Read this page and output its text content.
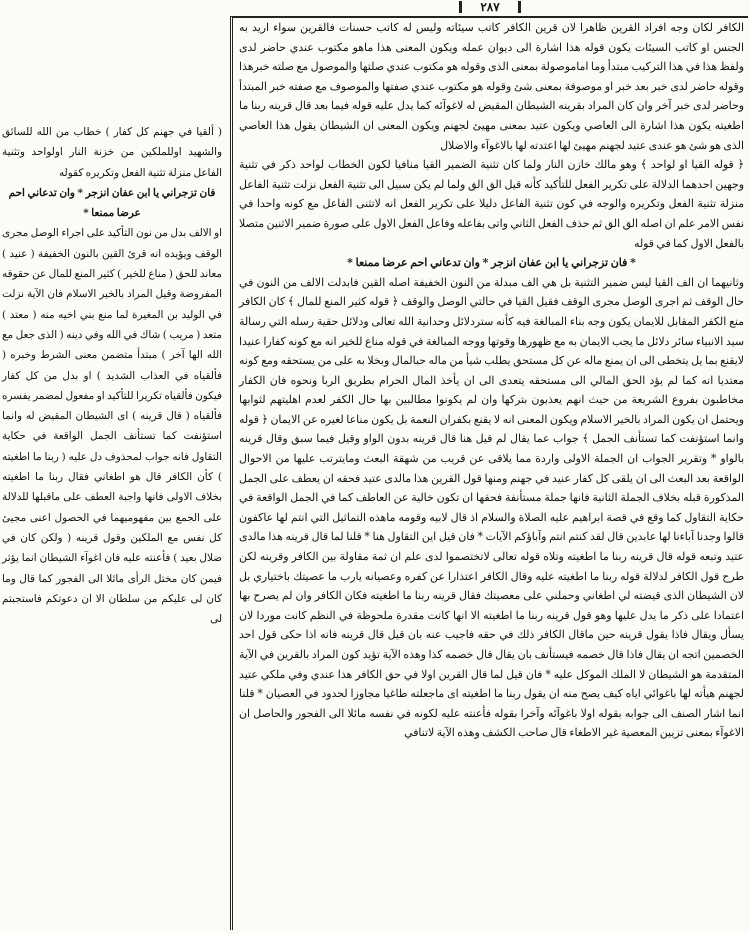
٢٨٧

الكافر لكان وجه افراد القرين ظاهرا لان قرين الكافر كاتب سيئاته وليس له كاتب حسنات فالقرين سواء اريد به الجنس او كاتب السيئات يكون قوله هذا اشارة الى ديوان عمله ويكون المعنى هذا ماهو مكتوب عندي حاضر لدى ولفظ هذا في هذا التركيب مبتدأ وما اماموصولة بمعنى الذى وقوله هو مكتوب عندي صلتها والموصول مع صلته خبرهذا وقوله حاضر لدى خبر بعد خبر او موصوفة بمعنى شئ وقوله هو مكتوب عندي صفتها والموصوف مع صفته خبر المبتدأ وحاضر لدى خبر آخر وان كان المراد بقرينه الشيطان المقيض له لاغوآئه كما يدل عليه قوله فيما بعد قال قرينه ربنا ما اطغيته يكون هذا اشارة الى العاصي ويكون عتيد بمعنى مهيئ لجهنم ويكون المعنى ان الشيطان يقول هذا العاصي الذى هو شئ هو عندى عتيد لجهنم مهيئ لها اعتدته لها بالاغوآء والاضلال

﴿ قوله القيا او لواحد ﴾ وهو مالك خازن النار ولما كان تثنية الضمير القيا منافيا لكون الخطاب لواحد ذكر في تثنية وجهين احدهما الدلالة على تكرير الفعل للتأكيد كأنه قيل الق الق ولما لم يكن سبيل الى تثنية الفعل نزلت تثنية الفاعل منزلة تثنية الفعل وتكريره والوجه في كون تثنية الفاعل دليلا على تكرير الفعل انه لاتثنى الفاعل مع كونه واحدا في نفس الامر علم ان اصله الق الق ثم حذف الفعل الثاني واتى بفاعله وفاعل الفعل الاول على صورة ضمير الاثنين متصلا بالفعل الاول كما في قوله

* فان تزجراني يا ابن عفان انزجر * وان تدعاني احم عرضا ممنعا *

وثانيهما ان الف القيا ليس ضمير التثنية بل هي الف مبدلة من النون الخفيفة اصله القين فابدلت الالف من النون في حال الوقف ثم اجرى الوصل مجرى الوقف فقيل القيا في حالتي الوصل والوقف ﴿ قوله كثير المنع للمال ﴾ كان الكافر منع الكفر المقابل للايمان يكون وجه بناء المبالغة فيه كأنه ستردلائل وحدانية الله تعالى ودلائل حقية رسله التي رسالة سيد الانبياء سائر دلائل ما يجب الايمان به مع ظهورها وقوتها ووجه المبالغة في قوله مناع للخير انه مع كونه كفارا عنيدا لايقنع بما يل يتخطى الى ان يمنع ماله عن كل مستحق يطلب شيأ من ماله حبالمال وبخلا به على من يستحقه ومع كونه معتديا انه كما لم يؤد الحق المالي الى مستحقه يتعدى الى ان يأخذ المال الحرام بطريق الربا ونحوه فان الكفار مخاطبون بفروع الشريعة من حيث انهم يعذبون بتركها وان لم يكونوا مطالبين بها حال الكفر لعدم اهليتهم لثوابها ويحتمل ان يكون المراد بالخير الاسلام ويكون المعنى انه لا يقنع بكفران النعمة بل يكون مناعا لغيره عن الايمان ﴿ قوله وانما استؤنفت كما تستأنف الجمل ﴾ جواب عما يقال لم قيل هنا قال قرينه بدون الواو وقيل فيما سبق وقال قرينه بالواو * وتقرير الجواب ان الجملة الاولى واردة مما يلاقى عن قريب من شهقة البعث ومايترتب عليها من الاحوال الواقعة بعد البعث الى ان يلقى كل كفار عنيد في جهنم ومنها قول القرين هذا مالدى عتيد فحقه ان يعطف على الجمل المذكورة قبله بخلاف الجملة الثانية فانها جملة مستأنفة فحقها ان تكون خالية عن العاطف كما في الجمل الواقعة في حكاية التقاول كما وقع في قصة ابراهيم عليه الصلاة والسلام اذ قال لابيه وقومه ماهذه التماثيل التي انتم لها عاكفون قالوا وجدنا آباءنا لها عابدين قال لقد كنتم انتم وآباؤكم الآيات * فان قيل اين التقاول هنا * قلنا لما قال قرينه هذا مالدى عتيد وتبعه قوله قال قرينه ربنا ما اطغيته وتلاه قوله تعالى لاتختصموا لدى علم ان ثمة مقاولة بين الكافر وقرينه لكن طرح قول الكافر لدلالة قوله ربنا ما اطغيته عليه وقال الكافر اعتذارا عن كفره وعصيانه يارب ما عصيتك باختياري بل لان الشيطان الذى قيضته لي اطغاني وحملني على معصيتك فقال قرينه ربنا ما اطغيته فكان الكافر وان لم يصرح بها اعتمادا على ذكر ما يدل عليها وهو قول قرينه ربنا ما اطغيته الا انها كانت مقدرة ملحوظة في النظم كانت موردا لان يسأل ويقال فاذا يقول قرينه حين ماقال الكافر ذلك في حقه فاجيب عنه بان قيل قال قرينه فانه اذا حكى قول احد الخصمين اتجه ان يقال فاذا قال خصمه فيستأنف بان يقال قال خصمه كذا وهذه الآية تؤيد كون المراد بالقرين في الآية المتقدمة هو الشيطان لا الملك الموكل عليه * فان قيل لما قال القرين اولا في حق الكافر هذا عندي وفي ملكي عتيد لجهنم هيأته لها باغوائي اياه كيف يصح منه ان يقول ربنا ما اطغيته اى ماجعلته طاغيا مجاوزا لحدود في العصيان * قلنا انما اشار الصنف الى جوابه بقوله اولا باغوآئه وآخرا بقوله فأعنته عليه لكونه في نفسه مائلا الى الفجور والحاصل ان الاغوآء بمعنى تزيين المعصية غير الاطغاء قال صاحب الكشف وهذه الآية لاتنافي

( ألقيا في جهنم كل كفار ) خطاب من الله للسائق والشهيد اوللملكين من خزنة النار اولواحد وتثنية الفاعل منزلة تثنية الفعل وتكريره كقوله

فان تزجراني يا ابن عفان انزجر * وان تدعاني احم عرضا ممنعا *

او الالف بدل من نون التأكيد على اجراء الوصل مجرى الوقف ويؤيده انه قرئ القين بالنون الخفيفة ( عنيد ) معاند للحق ( مناع للخير ) كثير المنع للمال عن حقوقه المفروضة وقيل المراد بالخير الاسلام فان الآية نزلت في الوليد بن المغيرة لما منع بني اخيه منه ( معتد ) متعد ( مريب ) شاك في الله وفي دينه ( الذى جعل مع الله الها آخر ) مبتدأ متضمن معنى الشرط وخبره ( فألقياه في العذاب الشديد ) او بدل من كل كفار فيكون فألقياه تكريرا للتأكيد او مفعول لمضمر يفسره فألقياه ( قال قرينه ) اى الشيطان المقيض له وانما استؤنفت كما تستأنف الجمل الواقعة في حكاية التقاول فانه جواب لمحذوف دل عليه ( ربنا ما اطغيته ) كأن الكافر قال هو اطغاني فقال ربنا ما اطغيته بخلاف الاولى فانها واجبة العطف على ماقبلها للدلالة على الجمع بين مفهوميهما في الحصول اعنى مجيئ كل نفس مع الملكين وقول قرينه ( ولكن كان في ضلال بعيد ) فأعنته عليه فان اغوآء الشيطان انما يؤثر فيمن كان مختل الرأى مائلا الى الفجور كما قال وما كان لى عليكم من سلطان الا ان دعوتكم فاستجبتم لى
